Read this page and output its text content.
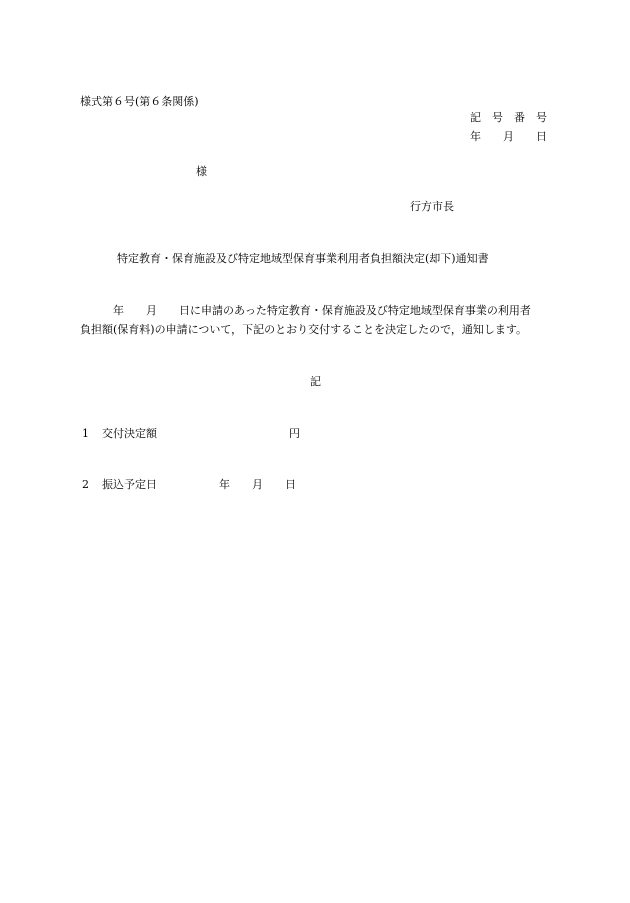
様式第６号(第６条関係)
記　号　番　号
年　　月　　日
様
行方市長
特定教育・保育施設及び特定地域型保育事業利用者負担額決定(却下)通知書
　　　年　　月　　日に申請のあった特定教育・保育施設及び特定地域型保育事業の利用者
負担額(保育料)の申請について，下記のとおり交付することを決定したので，通知します。
記
1 交付決定額	円
2 振込予定日	年　　月　　日
